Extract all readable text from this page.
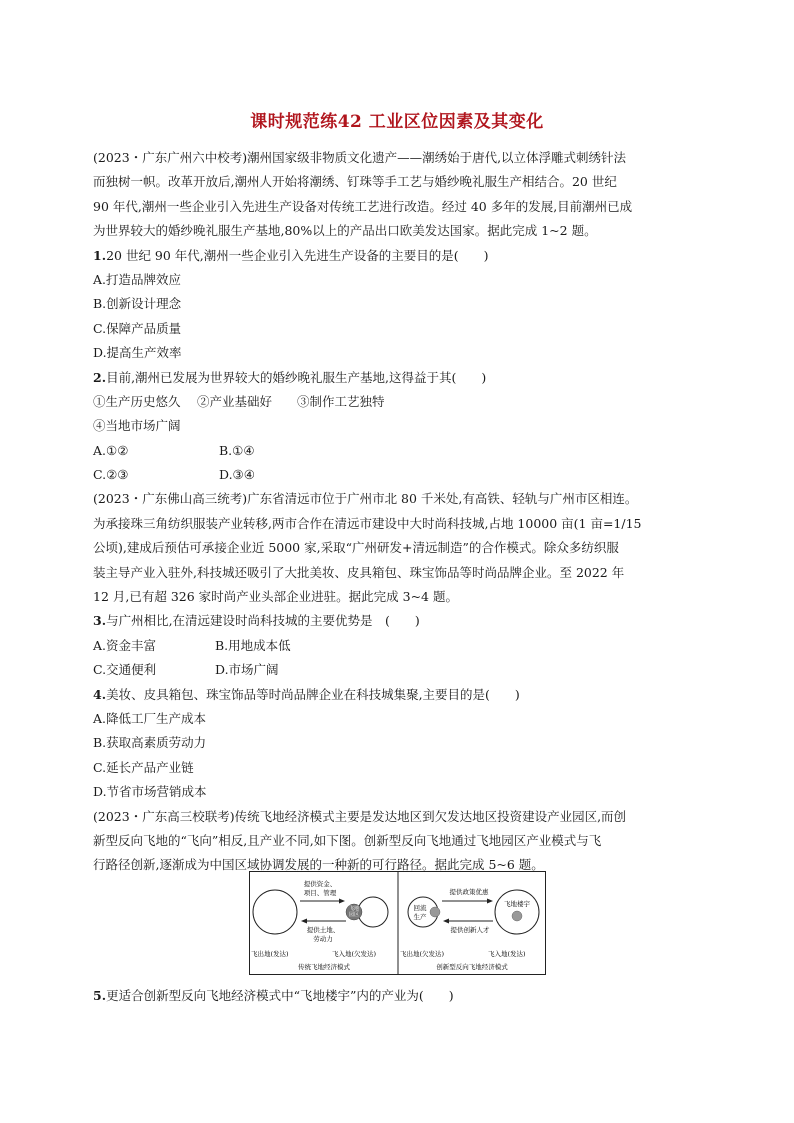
课时规范练42 工业区位因素及其变化
(2023・广东广州六中校考)潮州国家级非物质文化遗产——潮绣始于唐代,以立体浮雕式刺绣针法
而独树一帜。改革开放后,潮州人开始将潮绣、钉珠等手工艺与婚纱晚礼服生产相结合。20 世纪
90 年代,潮州一些企业引入先进生产设备对传统工艺进行改造。经过 40 多年的发展,目前潮州已成
为世界较大的婚纱晚礼服生产基地,80%以上的产品出口欧美发达国家。据此完成 1~2 题。
1.20 世纪 90 年代,潮州一些企业引入先进生产设备的主要目的是(　　)
A.打造品牌效应
B.创新设计理念
C.保障产品质量
D.提高生产效率
2.目前,潮州已发展为世界较大的婚纱晚礼服生产基地,这得益于其(　　)
①生产历史悠久	②产业基础好	③制作工艺独特
④当地市场广阔
A.①②	B.①④
C.②③	D.③④
(2023・广东佛山高三统考)广东省清远市位于广州市北 80 千米处,有高铁、轻轨与广州市区相连。
为承接珠三角纺织服装产业转移,两市合作在清远市建设中大时尚科技城,占地 10000 亩(1 亩=1/15
公顷),建成后预估可承接企业近 5000 家,采取“广州研发+清远制造”的合作模式。除众多纺织服
装主导产业入驻外,科技城还吸引了大批美妆、皮具箱包、珠宝饰品等时尚品牌企业。至 2022 年
12 月,已有超 326 家时尚产业头部企业进驻。据此完成 3~4 题。
3.与广州相比,在清远建设时尚科技城的主要优势是　(　　)
A.资金丰富	B.用地成本低
C.交通便利	D.市场广阔
4.美妆、皮具箱包、珠宝饰品等时尚品牌企业在科技城集聚,主要目的是(　　)
A.降低工厂生产成本
B.获取高素质劳动力
C.延长产品产业链
D.节省市场营销成本
(2023・广东高三校联考)传统飞地经济模式主要是发达地区到欠发达地区投资建设产业园区,而创
新型反向飞地的“飞向”相反,且产业不同,如下图。创新型反向飞地通过飞地园区产业模式与飞
行路径创新,逐渐成为中国区域协调发展的一种新的可行路径。据此完成 5~6 题。
飞地
园区
提供资金、
项目、管理
提供土地、
劳动力
飞出地(发达)	飞入地(欠发达)
传统飞地经济模式
回流
生产
飞地楼宇
提供政策优惠
提供创新人才
飞出地(欠发达)	飞入地(发达)
创新型反向飞地经济模式
5.更适合创新型反向飞地经济模式中“飞地楼宇”内的产业为(　　)
